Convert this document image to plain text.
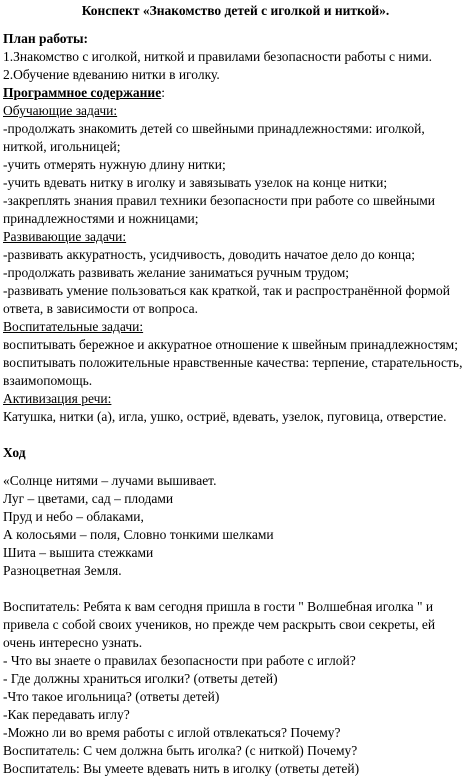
Конспект «Знакомство детей с иголкой и ниткой».

План работы:

1.Знакомство с иголкой, ниткой и правилами безопасности работы с ними.

2.Обучение вдеванию нитки в иголку.

Программное содержание:

Обучающие задачи:

-продолжать знакомить детей со швейными принадлежностями: иголкой, ниткой, игольницей;

-учить отмерять нужную длину нитки;

-учить вдевать нитку в иголку и завязывать узелок на конце нитки;

-закреплять знания правил техники безопасности при работе со швейными принадлежностями и ножницами;

Развивающие задачи:

-развивать аккуратность, усидчивость, доводить начатое дело до конца;

-продолжать развивать желание заниматься ручным трудом;

-развивать умение пользоваться как краткой, так и распространённой формой ответа, в зависимости от вопроса.

Воспитательные задачи:

воспитывать бережное и аккуратное отношение к швейным принадлежностям;

воспитывать положительные нравственные качества: терпение, старательность, взаимопомощь.

Активизация речи:

Катушка, нитки (а), игла, ушко, остриё, вдевать, узелок, пуговица, отверстие.

Ход

«Солнце нитями – лучами вышивает.

Луг – цветами, сад – плодами

Пруд и небо – облаками,

А колосьями – поля, Словно тонкими шелками

Шита – вышита стежками

Разноцветная Земля.

Воспитатель: Ребята к вам сегодня пришла в гости " Волшебная иголка " и привела с собой своих учеников, но прежде чем раскрыть свои секреты, ей очень интересно узнать.

- Что вы знаете о правилах безопасности при работе с иглой?

- Где должны храниться иголки? (ответы детей)

-Что такое игольница? (ответы детей)

-Как передавать иглу?

-Можно ли во время работы с иглой отвлекаться? Почему?

Воспитатель: С чем должна быть иголка? (с ниткой) Почему?

Воспитатель: Вы умеете вдевать нить в иголку (ответы детей)
